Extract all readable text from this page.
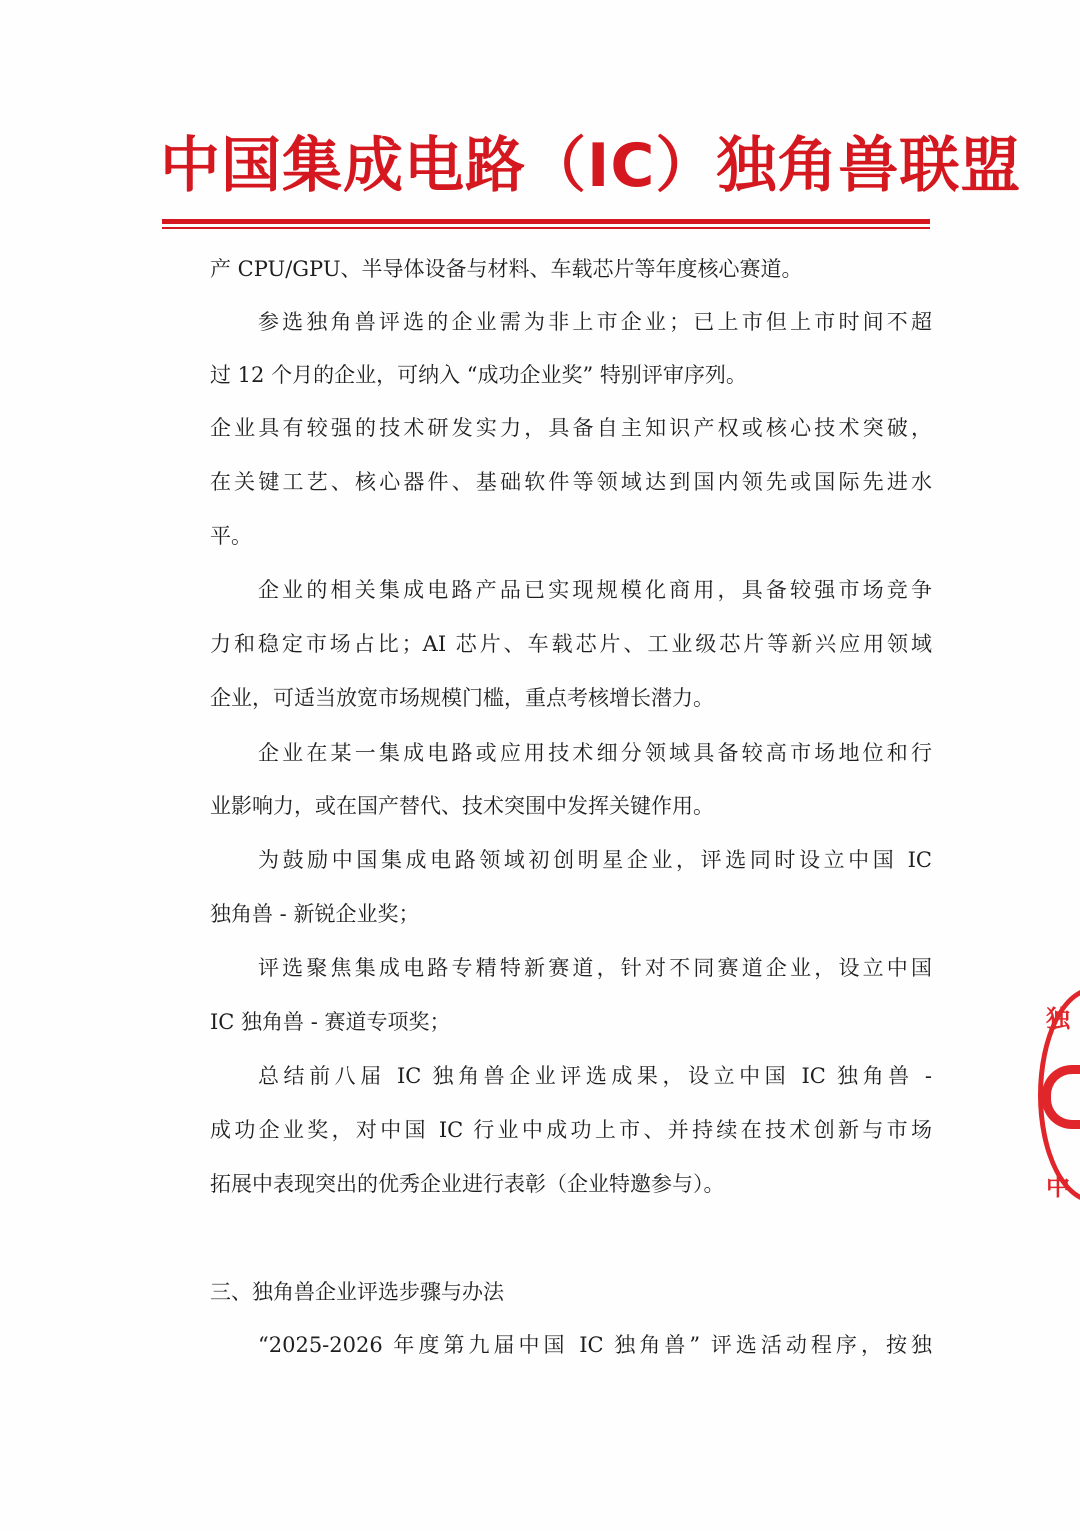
中国集成电路（IC）独角兽联盟
产 CPU/GPU、半导体设备与材料、车载芯片等年度核心赛道。
参选独角兽评选的企业需为非上市企业；已上市但上市时间不超
过 12 个月的企业，可纳入 “成功企业奖” 特别评审序列。
企业具有较强的技术研发实力，具备自主知识产权或核心技术突破，
在关键工艺、核心器件、基础软件等领域达到国内领先或国际先进水
平。
企业的相关集成电路产品已实现规模化商用，具备较强市场竞争
力和稳定市场占比；AI 芯片、车载芯片、工业级芯片等新兴应用领域
企业，可适当放宽市场规模门槛，重点考核增长潜力。
企业在某一集成电路或应用技术细分领域具备较高市场地位和行
业影响力，或在国产替代、技术突围中发挥关键作用。
为鼓励中国集成电路领域初创明星企业，评选同时设立中国 IC
独角兽 - 新锐企业奖；
评选聚焦集成电路专精特新赛道，针对不同赛道企业，设立中国
IC 独角兽 - 赛道专项奖；
总结前八届 IC 独角兽企业评选成果，设立中国 IC 独角兽 -
成功企业奖，对中国 IC 行业中成功上市、并持续在技术创新与市场
拓展中表现突出的优秀企业进行表彰（企业特邀参与）。
三、独角兽企业评选步骤与办法
“2025-2026 年度第九届中国 IC 独角兽” 评选活动程序，按独
独
中
